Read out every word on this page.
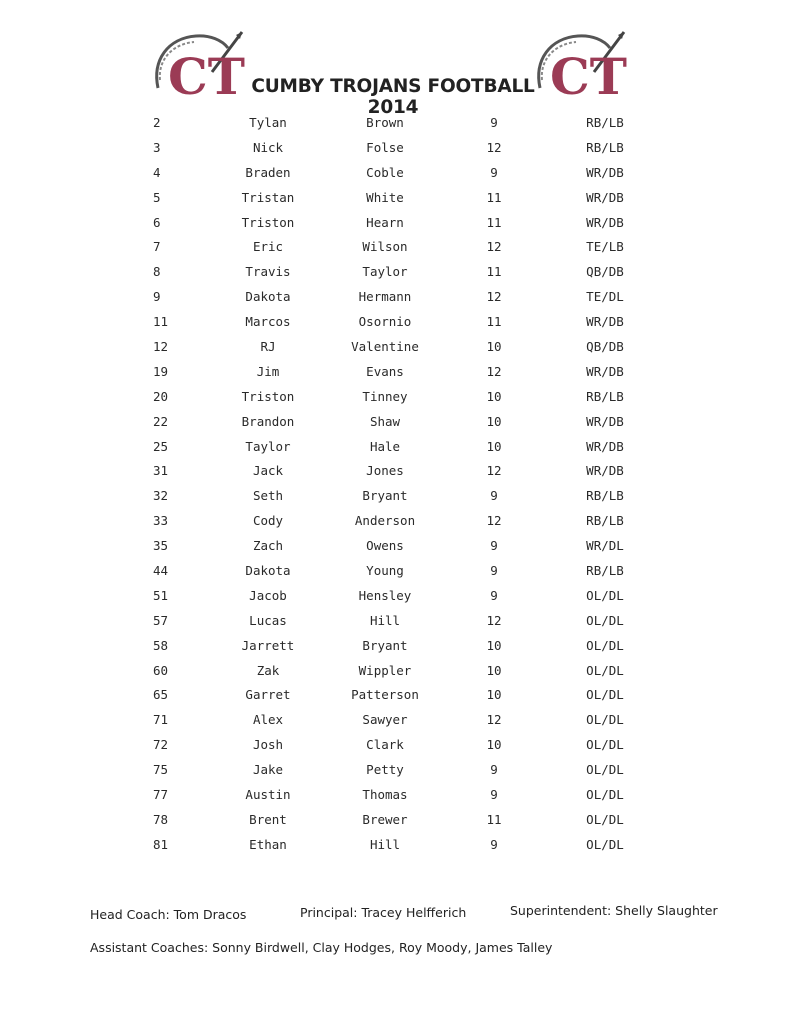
CT	CT
CUMBY TROJANS FOOTBALL 2014
2	Tylan	Brown	9	RB/LB
3	Nick	Folse	12	RB/LB
4	Braden	Coble	9	WR/DB
5	Tristan	White	11	WR/DB
6	Triston	Hearn	11	WR/DB
7	Eric	Wilson	12	TE/LB
8	Travis	Taylor	11	QB/DB
9	Dakota	Hermann	12	TE/DL
11	Marcos	Osornio	11	WR/DB
12	RJ	Valentine	10	QB/DB
19	Jim	Evans	12	WR/DB
20	Triston	Tinney	10	RB/LB
22	Brandon	Shaw	10	WR/DB
25	Taylor	Hale	10	WR/DB
31	Jack	Jones	12	WR/DB
32	Seth	Bryant	9	RB/LB
33	Cody	Anderson	12	RB/LB
35	Zach	Owens	9	WR/DL
44	Dakota	Young	9	RB/LB
51	Jacob	Hensley	9	OL/DL
57	Lucas	Hill	12	OL/DL
58	Jarrett	Bryant	10	OL/DL
60	Zak	Wippler	10	OL/DL
65	Garret	Patterson	10	OL/DL
71	Alex	Sawyer	12	OL/DL
72	Josh	Clark	10	OL/DL
75	Jake	Petty	9	OL/DL
77	Austin	Thomas	9	OL/DL
78	Brent	Brewer	11	OL/DL
81	Ethan	Hill	9	OL/DL
Head Coach: Tom Dracos	Principal: Tracey Helfferich	Superintendent: Shelly Slaughter
Assistant Coaches: Sonny Birdwell, Clay Hodges, Roy Moody, James Talley
